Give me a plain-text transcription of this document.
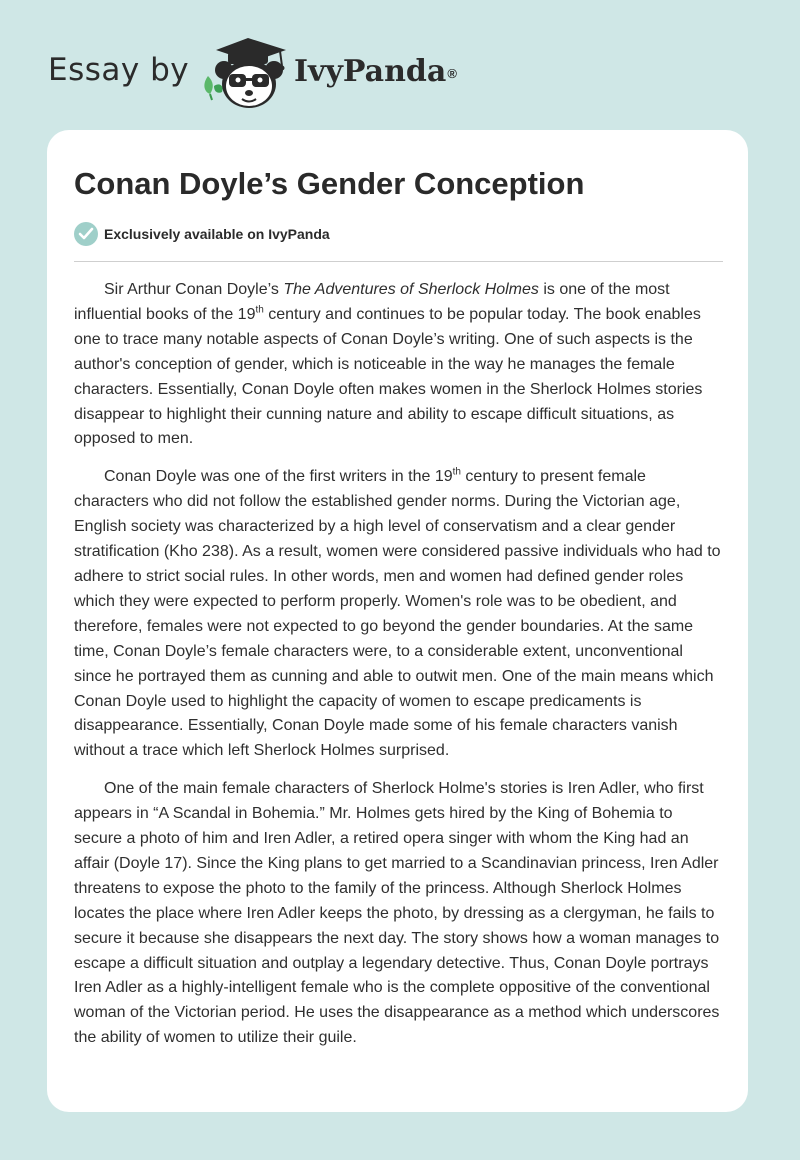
Essay by	IvyPanda®
Conan Doyle’s Gender Conception
Exclusively available on IvyPanda

Sir Arthur Conan Doyle’s The Adventures of Sherlock Holmes is one of the most influential books of the 19th century and continues to be popular today. The book enables one to trace many notable aspects of Conan Doyle’s writing. One of such aspects is the author's conception of gender, which is noticeable in the way he manages the female characters. Essentially, Conan Doyle often makes women in the Sherlock Holmes stories disappear to highlight their cunning nature and ability to escape difficult situations, as opposed to men.

Conan Doyle was one of the first writers in the 19th century to present female characters who did not follow the established gender norms. During the Victorian age, English society was characterized by a high level of conservatism and a clear gender stratification (Kho 238). As a result, women were considered passive individuals who had to adhere to strict social rules. In other words, men and women had defined gender roles which they were expected to perform properly. Women's role was to be obedient, and therefore, females were not expected to go beyond the gender boundaries. At the same time, Conan Doyle’s female characters were, to a considerable extent, unconventional since he portrayed them as cunning and able to outwit men. One of the main means which Conan Doyle used to highlight the capacity of women to escape predicaments is disappearance. Essentially, Conan Doyle made some of his female characters vanish without a trace which left Sherlock Holmes surprised.

One of the main female characters of Sherlock Holme's stories is Iren Adler, who first appears in “A Scandal in Bohemia.” Mr. Holmes gets hired by the King of Bohemia to secure a photo of him and Iren Adler, a retired opera singer with whom the King had an affair (Doyle 17). Since the King plans to get married to a Scandinavian princess, Iren Adler threatens to expose the photo to the family of the princess. Although Sherlock Holmes locates the place where Iren Adler keeps the photo, by dressing as a clergyman, he fails to secure it because she disappears the next day. The story shows how a woman manages to escape a difficult situation and outplay a legendary detective. Thus, Conan Doyle portrays Iren Adler as a highly-intelligent female who is the complete oppositive of the conventional woman of the Victorian period. He uses the disappearance as a method which underscores the ability of women to utilize their guile.
